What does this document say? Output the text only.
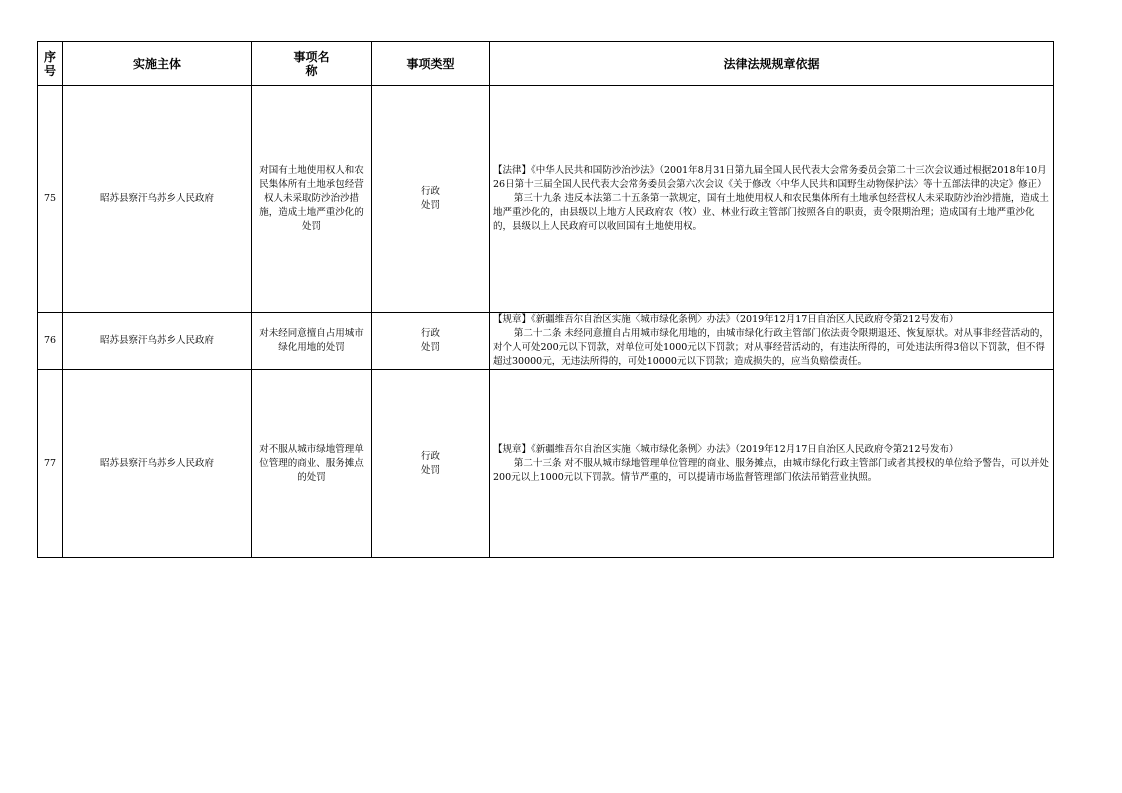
序号	实施主体	事项名称	事项类型	法律法规规章依据
75	昭苏县察汗乌苏乡人民政府	对国有土地使用权人和农民集体所有土地承包经营权人未采取防沙治沙措施，造成土地严重沙化的处罚	行政处罚	【法律】《中华人民共和国防沙治沙法》（2001年8月31日第九届全国人民代表大会常务委员会第二十三次会议通过根据2018年10月26日第十三届全国人民代表大会常务委员会第六次会议《关于修改〈中华人民共和国野生动物保护法〉等十五部法律的决定》修正）

第三十九条 违反本法第二十五条第一款规定，国有土地使用权人和农民集体所有土地承包经营权人未采取防沙治沙措施，造成土地严重沙化的，由县级以上地方人民政府农（牧）业、林业行政主管部门按照各自的职责，责令限期治理；造成国有土地严重沙化的，县级以上人民政府可以收回国有土地使用权。

76	昭苏县察汗乌苏乡人民政府	对未经同意擅自占用城市绿化用地的处罚	行政处罚	【规章】《新疆维吾尔自治区实施〈城市绿化条例〉办法》（2019年12月17日自治区人民政府令第212号发布）

第二十二条 未经同意擅自占用城市绿化用地的，由城市绿化行政主管部门依法责令限期退还、恢复原状。对从事非经营活动的，对个人可处200元以下罚款，对单位可处1000元以下罚款；对从事经营活动的，有违法所得的，可处违法所得3倍以下罚款，但不得超过30000元，无违法所得的，可处10000元以下罚款；造成损失的，应当负赔偿责任。

77	昭苏县察汗乌苏乡人民政府	对不服从城市绿地管理单位管理的商业、服务摊点的处罚	行政处罚	【规章】《新疆维吾尔自治区实施〈城市绿化条例〉办法》（2019年12月17日自治区人民政府令第212号发布）

第二十三条 对不服从城市绿地管理单位管理的商业、服务摊点，由城市绿化行政主管部门或者其授权的单位给予警告，可以并处200元以上1000元以下罚款。情节严重的，可以提请市场监督管理部门依法吊销营业执照。
